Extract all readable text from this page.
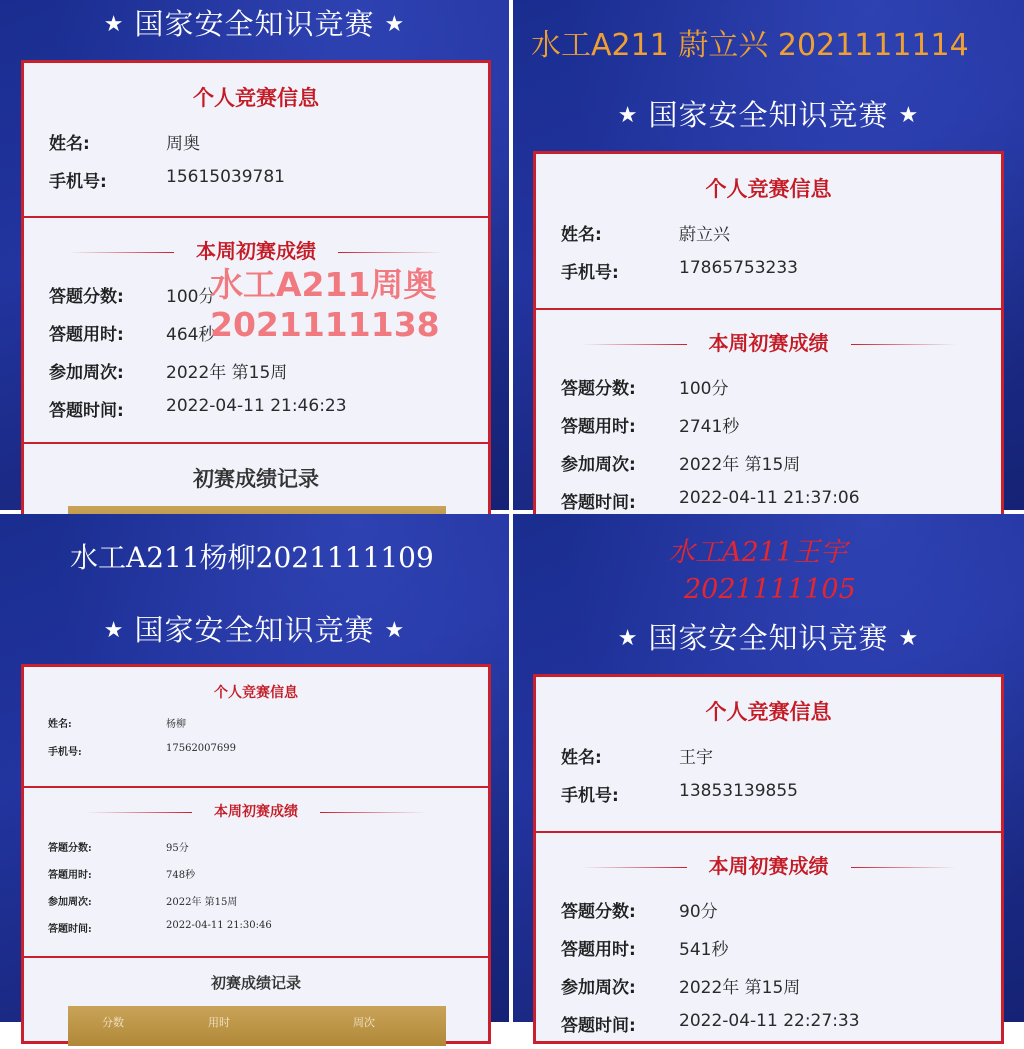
★ 国家安全知识竞赛 ★
个人竞赛信息
姓名:	周奥
手机号:	15615039781
本周初赛成绩
答题分数: 100分
答题用时: 464秒
参加周次: 2022年 第15周
答题时间: 2022-04-11 21:46:23
初赛成绩记录
水工A211周奥
2021111138
水工A211 蔚立兴 2021111114
★ 国家安全知识竞赛 ★
个人竞赛信息
姓名:	蔚立兴
手机号:	17865753233
本周初赛成绩
答题分数:	100分
答题用时:	2741秒
参加周次:	2022年 第15周
答题时间:	2022-04-11 21:37:06
水工A211杨柳2021111109
★ 国家安全知识竞赛 ★
个人竞赛信息
姓名:	杨柳
手机号:	17562007699
本周初赛成绩
答题分数:	95分
答题用时:	748秒
参加周次:	2022年 第15周
答题时间:	2022-04-11 21:30:46
初赛成绩记录
分数	用时	周次
水工A211王宇
2021111105
★ 国家安全知识竞赛 ★
个人竞赛信息
姓名:	王宇
手机号:	13853139855
本周初赛成绩
答题分数:	90分
答题用时:	541秒
参加周次:	2022年 第15周
答题时间:	2022-04-11 22:27:33
